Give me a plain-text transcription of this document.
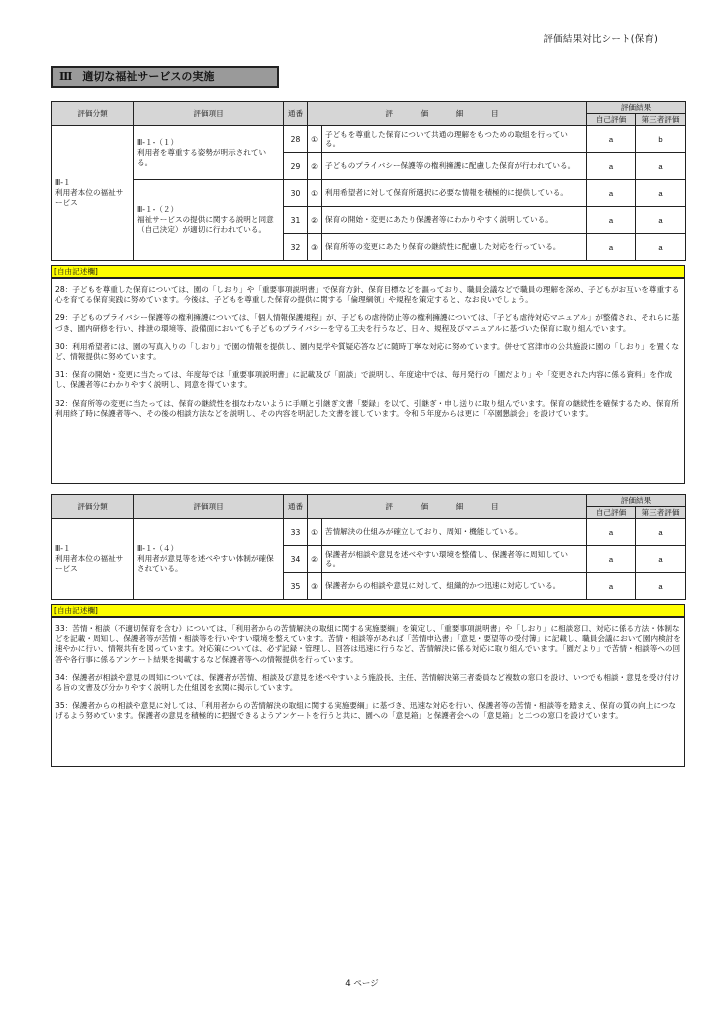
評価結果対比シート(保育)
Ⅲ 適切な福祉サービスの実施
評価分類	評価項目	通番	評　価　細　目		評価結果	
					自己評価	第三者評価
Ⅲ-１
利用者本位の福祉サービス	Ⅲ-１-（１）
利用者を尊重する姿勢が明示されている。	28	①	子どもを尊重した保育について共通の理解をもつための取組を行っている。	a	b
		29	②	子どものプライバシー保護等の権利擁護に配慮した保育が行われている。	a	a
	Ⅲ-１-（２）
福祉サービスの提供に関する説明と同意（自己決定）が適切に行われている。	30	①	利用希望者に対して保育所選択に必要な情報を積極的に提供している。	a	a
		31	②	保育の開始・変更にあたり保護者等にわかりやすく説明している。	a	a
		32	③	保育所等の変更にあたり保育の継続性に配慮した対応を行っている。	a	a
[自由記述欄]

28：子どもを尊重した保育については、園の「しおり」や「重要事項説明書」で保育方針、保育目標などを謳っており、職員会議などで職員の理解を深め、子どもがお互いを尊重する心を育てる保育実践に努めています。今後は、子どもを尊重した保育の提供に関する「倫理綱領」や規程を策定すると、なお良いでしょう。

29：子どものプライバシー保護等の権利擁護については、「個人情報保護規程」が、子どもの虐待防止等の権利擁護については、「子ども虐待対応マニュアル」が整備され、それらに基づき、園内研修を行い、排泄の環境等、設備面においても子どものプライバシーを守る工夫を行うなど、日々、規程及びマニュアルに基づいた保育に取り組んでいます。

30：利用希望者には、園の写真入りの「しおり」で園の情報を提供し、園内見学や質疑応答などに随時丁寧な対応に努めています。併せて宮津市の公共施設に園の「しおり」を置くなど、情報提供に努めています。

31：保育の開始・変更に当たっては、年度毎では「重要事項説明書」に記載及び「面談」で説明し、年度途中では、毎月発行の「園だより」や「変更された内容に係る資料」を作成し、保護者等にわかりやすく説明し、同意を得ています。

32：保育所等の変更に当たっては、保育の継続性を損なわないように手順と引継ぎ文書「要録」を以て、引継ぎ・申し送りに取り組んでいます。保育の継続性を確保するため、保育所利用終了時に保護者等へ、その後の相談方法などを説明し、その内容を明記した文書を渡しています。令和５年度からは更に「卒園懇談会」を設けています。

評価分類	評価項目	通番	評　価　細　目		評価結果	
					自己評価	第三者評価
Ⅲ-１
利用者本位の福祉サービス	Ⅲ-１-（４）
利用者が意見等を述べやすい体制が確保されている。	33	①	苦情解決の仕組みが確立しており、周知・機能している。	a	a
		34	②	保護者が相談や意見を述べやすい環境を整備し、保護者等に周知している。	a	a
		35	③	保護者からの相談や意見に対して、組織的かつ迅速に対応している。	a	a
[自由記述欄]

33：苦情・相談（不適切保育を含む）については、「利用者からの苦情解決の取組に関する実施要綱」を策定し、「重要事項説明書」や「しおり」に相談窓口、対応に係る方法・体制などを記載・周知し、保護者等が苦情・相談等を行いやすい環境を整えています。苦情・相談等があれば「苦情申込書」「意見・要望等の受付簿」に記載し、職員会議において園内検討を速やかに行い、情報共有を図っています。対応策については、必ず記録・管理し、回答は迅速に行うなど、苦情解決に係る対応に取り組んでいます。「園だより」で苦情・相談等への回答や各行事に係るアンケート結果を掲載するなど保護者等への情報提供を行っています。

34：保護者が相談や意見の周知については、保護者が苦情、相談及び意見を述べやすいよう施設長、主任、苦情解決第三者委員など複数の窓口を設け、いつでも相談・意見を受け付ける旨の文書及び分かりやすく説明した仕組図を玄関に掲示しています。

35：保護者からの相談や意見に対しては、「利用者からの苦情解決の取組に関する実施要綱」に基づき、迅速な対応を行い、保護者等の苦情・相談等を踏まえ、保育の質の向上につなげるよう努めています。保護者の意見を積極的に把握できるようアンケートを行うと共に、園への「意見箱」と保護者会への「意見箱」と二つの窓口を設けています。

4 ページ
